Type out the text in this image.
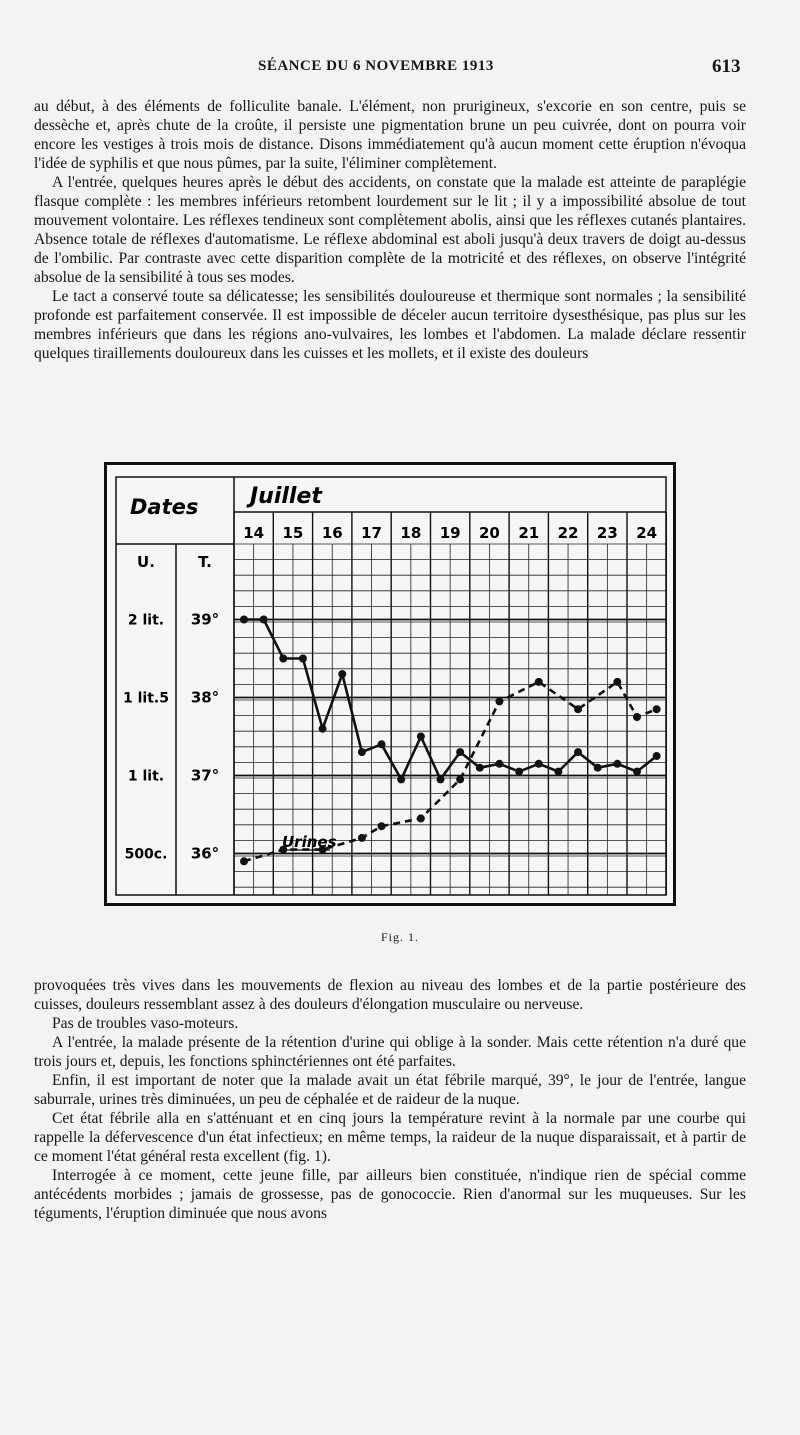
SÉANCE DU 6 NOVEMBRE 1913	613

au début, à des éléments de folliculite banale. L'élément, non prurigineux, s'excorie en son centre, puis se dessèche et, après chute de la croûte, il persiste une pigmentation brune un peu cuivrée, dont on pourra voir encore les vestiges à trois mois de distance. Disons immédiatement qu'à aucun moment cette éruption n'évoqua l'idée de syphilis et que nous pûmes, par la suite, l'éliminer complètement.

A l'entrée, quelques heures après le début des accidents, on constate que la malade est atteinte de paraplégie flasque complète : les membres inférieurs retombent lourdement sur le lit ; il y a impossibilité absolue de tout mouvement volontaire. Les réflexes tendineux sont complètement abolis, ainsi que les réflexes cutanés plantaires. Absence totale de réflexes d'automatisme. Le réflexe abdominal est aboli jusqu'à deux travers de doigt au-dessus de l'ombilic. Par contraste avec cette disparition complète de la motricité et des réflexes, on observe l'intégrité absolue de la sensibilité à tous ses modes.

Le tact a conservé toute sa délicatesse; les sensibilités douloureuse et thermique sont normales ; la sensibilité profonde est parfaitement conservée. Il est impossible de déceler aucun territoire dysesthésique, pas plus sur les membres inférieurs que dans les régions ano-vulvaires, les lombes et l'abdomen. La malade déclare ressentir quelques tiraillements douloureux dans les cuisses et les mollets, et il existe des douleurs

Dates Juillet
U.	T.
14 15 16 17 18 19 20 21 22 23 24
39°
38°
37°
36°
2 lit.
1 lit.5
1 lit.
500c.
Urines
Fig. 1.

provoquées très vives dans les mouvements de flexion au niveau des lombes et de la partie postérieure des cuisses, douleurs ressemblant assez à des douleurs d'élongation musculaire ou nerveuse.

Pas de troubles vaso-moteurs.

A l'entrée, la malade présente de la rétention d'urine qui oblige à la sonder. Mais cette rétention n'a duré que trois jours et, depuis, les fonctions sphinctériennes ont été parfaites.

Enfin, il est important de noter que la malade avait un état fébrile marqué, 39°, le jour de l'entrée, langue saburrale, urines très diminuées, un peu de céphalée et de raideur de la nuque.

Cet état fébrile alla en s'atténuant et en cinq jours la température revint à la normale par une courbe qui rappelle la défervescence d'un état infectieux; en même temps, la raideur de la nuque disparaissait, et à partir de ce moment l'état général resta excellent (fig. 1).

Interrogée à ce moment, cette jeune fille, par ailleurs bien constituée, n'indique rien de spécial comme antécédents morbides ; jamais de grossesse, pas de gonococcie. Rien d'anormal sur les muqueuses. Sur les téguments, l'éruption diminuée que nous avons
